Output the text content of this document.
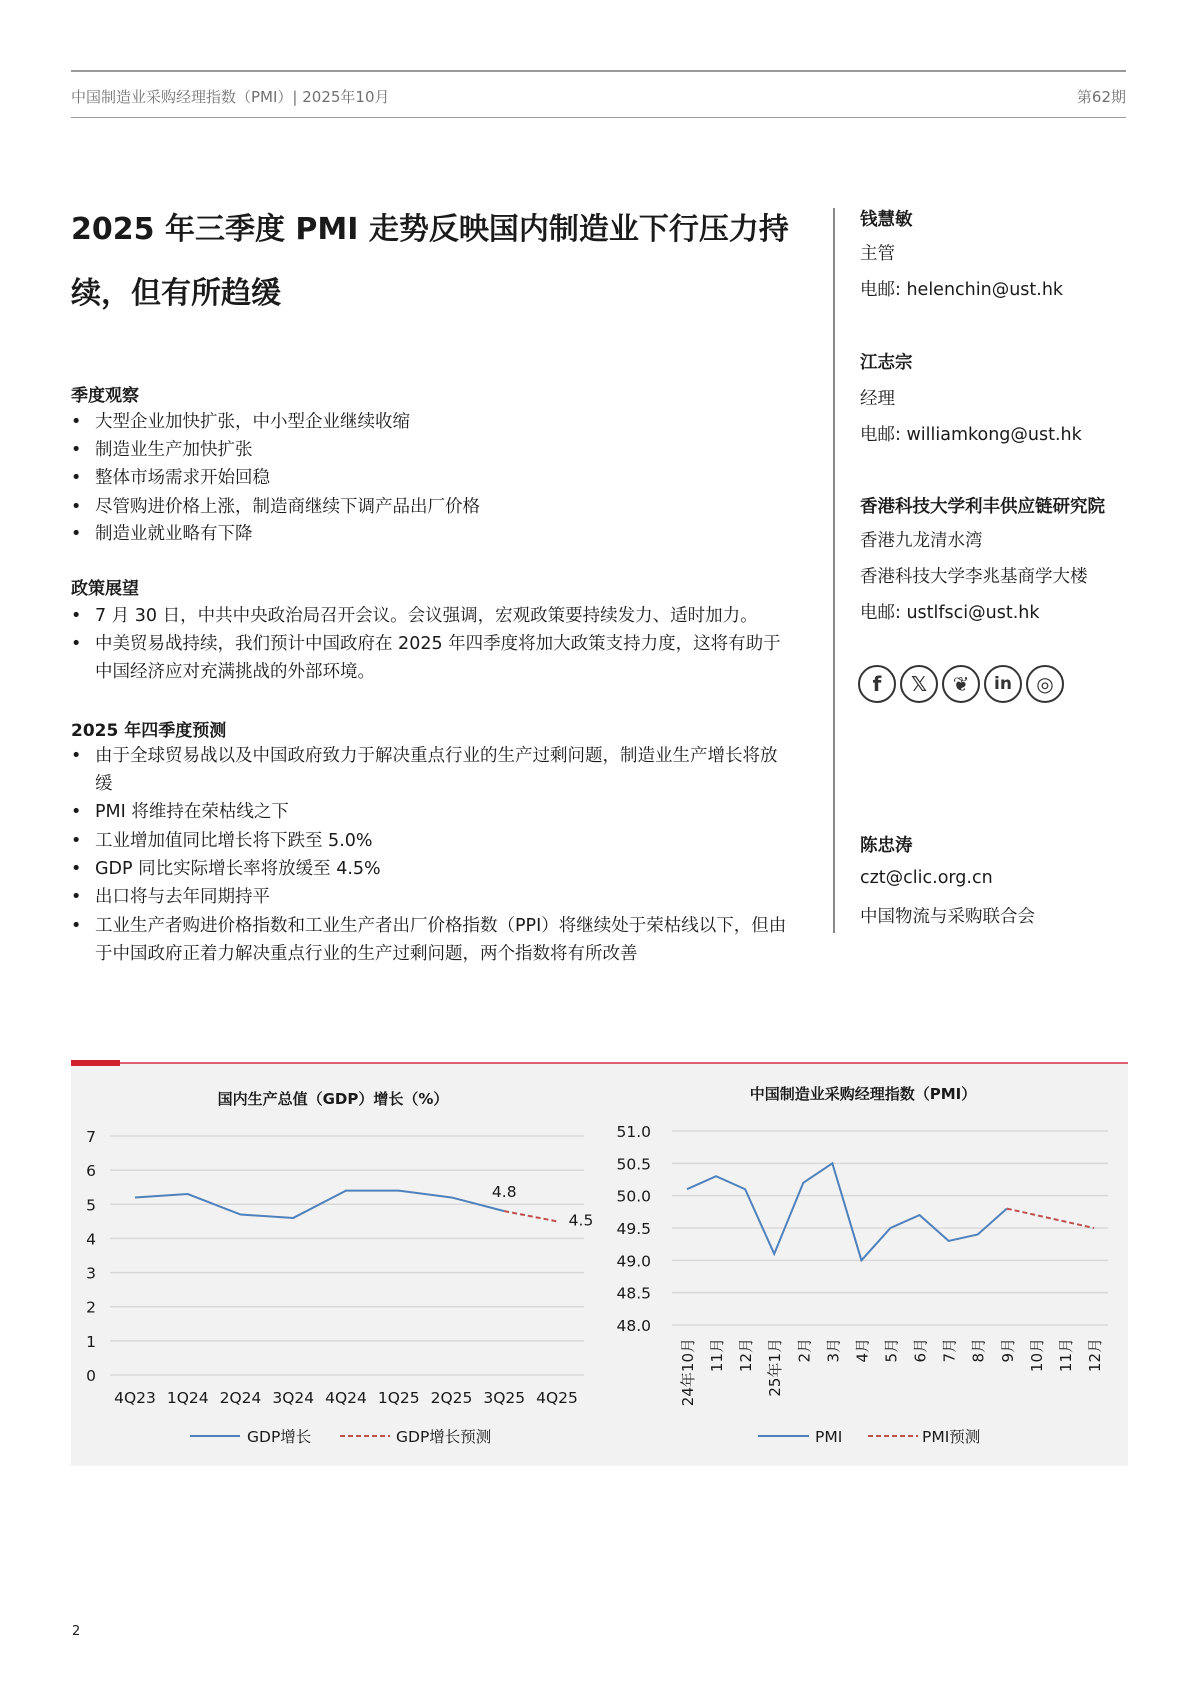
中国制造业采购经理指数（PMI）| 2025年10月	第62期
2025 年三季度 PMI 走势反映国内制造业下行压力持续，但有所趋缓
季度观察
• 大型企业加快扩张，中小型企业继续收缩
• 制造业生产加快扩张
• 整体市场需求开始回稳
• 尽管购进价格上涨，制造商继续下调产品出厂价格
• 制造业就业略有下降
政策展望
• 7 月 30 日，中共中央政治局召开会议。会议强调，宏观政策要持续发力、适时加力。
• 中美贸易战持续，我们预计中国政府在 2025 年四季度将加大政策支持力度，这将有助于中国经济应对充满挑战的外部环境。
2025 年四季度预测
• 由于全球贸易战以及中国政府致力于解决重点行业的生产过剩问题，制造业生产增长将放缓
• PMI 将维持在荣枯线之下
• 工业增加值同比增长将下跌至 5.0%
• GDP 同比实际增长率将放缓至 4.5%
• 出口将与去年同期持平
• 工业生产者购进价格指数和工业生产者出厂价格指数（PPI）将继续处于荣枯线以下，但由于中国政府正着力解决重点行业的生产过剩问题，两个指数将有所改善
钱慧敏
主管
电邮: helenchin@ust.hk
江志宗
经理
电邮: williamkong@ust.hk
香港科技大学利丰供应链研究院
香港九龙清水湾
香港科技大学李兆基商学大楼
电邮: ustlfsci@ust.hk
f	𝕏	❦	in	◎
陈忠涛
czt@clic.org.cn
中国物流与采购联合会
国内生产总值（GDP）增长（%）
0
1
2
3
4
5
6
7
4Q23 1Q24 2Q24 3Q24 4Q24 1Q25 2Q25 3Q25 4Q25
GDP增长	GDP增长预测
4.8
4.5
中国制造业采购经理指数（PMI）
48.0
48.5
49.0
49.5
50.0
50.5
51.0
24年10月 11月 12月 25年1月 2月 3月 4月 5月 6月 7月 8月 9月 10月 11月 12月
PMI	PMI预测
2
